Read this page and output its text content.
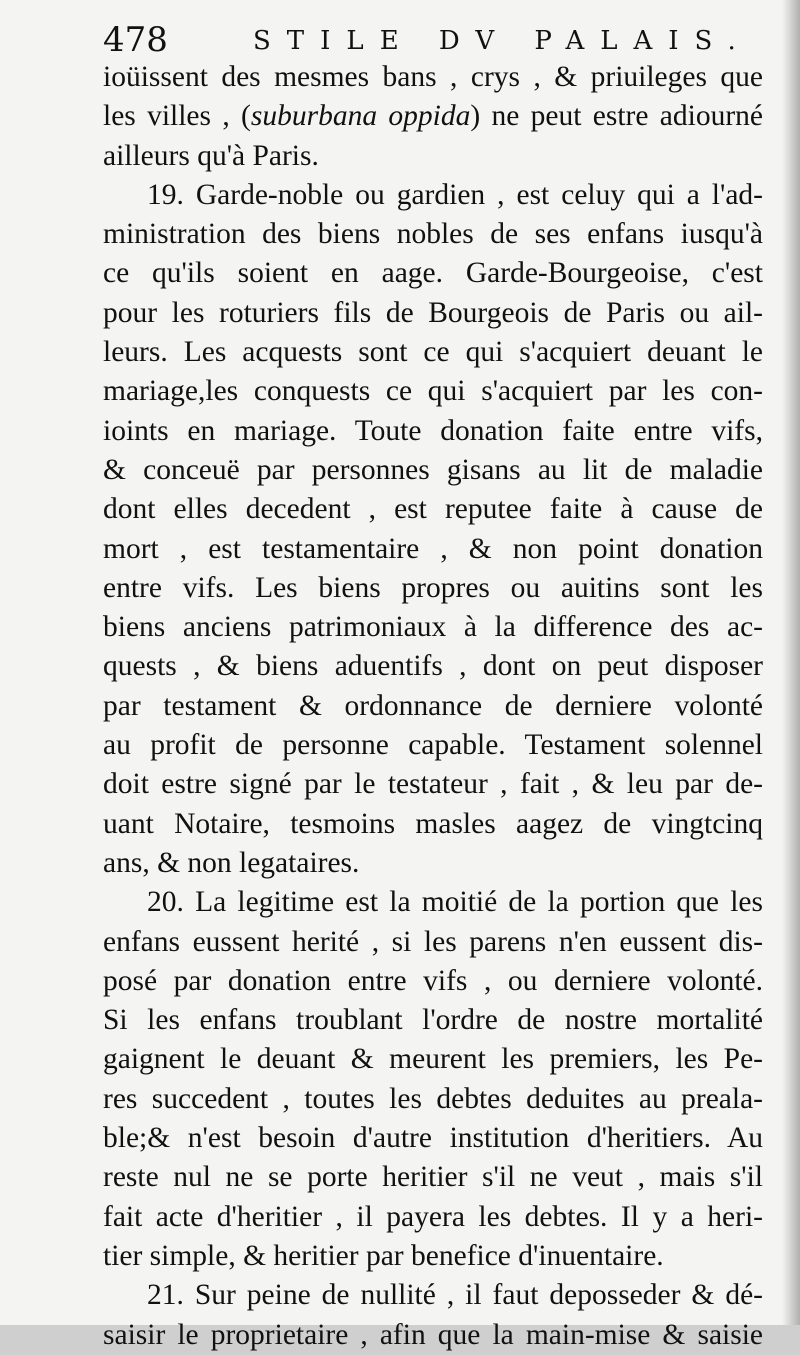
478	STILE DV PALAIS.
ioüissent des mesmes bans , crys , & priuileges que
les villes , (suburbana oppida) ne peut estre adiourné
ailleurs qu'à Paris.
19. Garde-noble ou gardien , est celuy qui a l'ad-
ministration des biens nobles de ses enfans iusqu'à
ce qu'ils soient en aage. Garde-Bourgeoise, c'est
pour les roturiers fils de Bourgeois de Paris ou ail-
leurs. Les acquests sont ce qui s'acquiert deuant le
mariage,les conquests ce qui s'acquiert par les con-
ioints en mariage. Toute donation faite entre vifs,
& conceuë par personnes gisans au lit de maladie
dont elles decedent , est reputee faite à cause de
mort , est testamentaire , & non point donation
entre vifs. Les biens propres ou auitins sont les
biens anciens patrimoniaux à la difference des ac-
quests , & biens aduentifs , dont on peut disposer
par testament & ordonnance de derniere volonté
au profit de personne capable. Testament solennel
doit estre signé par le testateur , fait , & leu par de-
uant Notaire, tesmoins masles aagez de vingtcinq
ans, & non legataires.
20. La legitime est la moitié de la portion que les
enfans eussent herité , si les parens n'en eussent dis-
posé par donation entre vifs , ou derniere volonté.
Si les enfans troublant l'ordre de nostre mortalité
gaignent le deuant & meurent les premiers, les Pe-
res succedent , toutes les debtes deduites au preala-
ble;& n'est besoin d'autre institution d'heritiers. Au
reste nul ne se porte heritier s'il ne veut , mais s'il
fait acte d'heritier , il payera les debtes. Il y a heri-
tier simple, & heritier par benefice d'inuentaire.
21. Sur peine de nullité , il faut deposseder & dé-
saisir le proprietaire , afin que la main-mise & saisie
